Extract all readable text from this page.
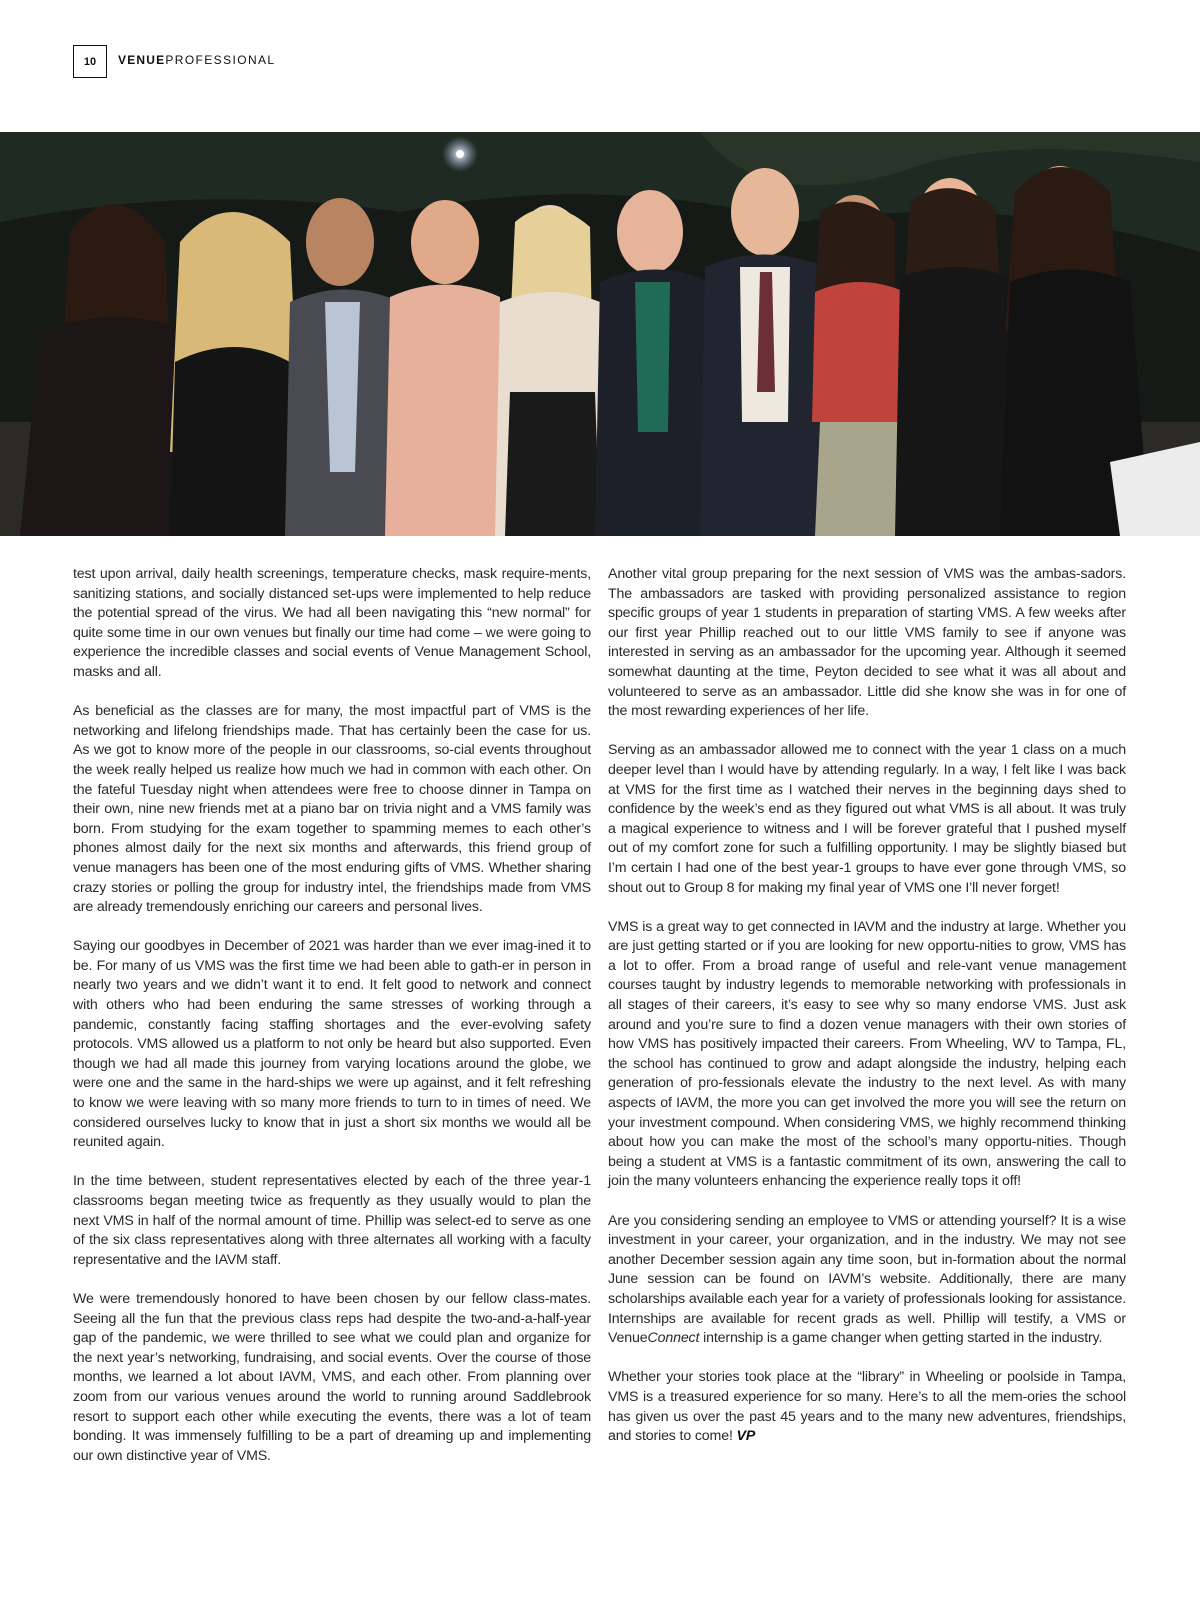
10	VENUEPROFESSIONAL

test upon arrival, daily health screenings, temperature checks, mask require-ments, sanitizing stations, and socially distanced set-ups were implemented to help reduce the potential spread of the virus. We had all been navigating this “new normal” for quite some time in our own venues but finally our time had come – we were going to experience the incredible classes and social events of Venue Management School, masks and all.

As beneficial as the classes are for many, the most impactful part of VMS is the networking and lifelong friendships made. That has certainly been the case for us. As we got to know more of the people in our classrooms, so-cial events throughout the week really helped us realize how much we had in common with each other. On the fateful Tuesday night when attendees were free to choose dinner in Tampa on their own, nine new friends met at a piano bar on trivia night and a VMS family was born. From studying for the exam together to spamming memes to each other’s phones almost daily for the next six months and afterwards, this friend group of venue managers has been one of the most enduring gifts of VMS. Whether sharing crazy stories or polling the group for industry intel, the friendships made from VMS are already tremendously enriching our careers and personal lives.

Saying our goodbyes in December of 2021 was harder than we ever imag-ined it to be. For many of us VMS was the first time we had been able to gath-er in person in nearly two years and we didn’t want it to end. It felt good to network and connect with others who had been enduring the same stresses of working through a pandemic, constantly facing staffing shortages and the ever-evolving safety protocols. VMS allowed us a platform to not only be heard but also supported. Even though we had all made this journey from varying locations around the globe, we were one and the same in the hard-ships we were up against, and it felt refreshing to know we were leaving with so many more friends to turn to in times of need. We considered ourselves lucky to know that in just a short six months we would all be reunited again.

In the time between, student representatives elected by each of the three year-1 classrooms began meeting twice as frequently as they usually would to plan the next VMS in half of the normal amount of time. Phillip was select-ed to serve as one of the six class representatives along with three alternates all working with a faculty representative and the IAVM staff.

We were tremendously honored to have been chosen by our fellow class-mates. Seeing all the fun that the previous class reps had despite the two-and-a-half-year gap of the pandemic, we were thrilled to see what we could plan and organize for the next year’s networking, fundraising, and social events. Over the course of those months, we learned a lot about IAVM, VMS, and each other. From planning over zoom from our various venues around the world to running around Saddlebrook resort to support each other while executing the events, there was a lot of team bonding. It was immensely fulfilling to be a part of dreaming up and implementing our own distinctive year of VMS.

Another vital group preparing for the next session of VMS was the ambas-sadors. The ambassadors are tasked with providing personalized assistance to region specific groups of year 1 students in preparation of starting VMS. A few weeks after our first year Phillip reached out to our little VMS family to see if anyone was interested in serving as an ambassador for the upcoming year. Although it seemed somewhat daunting at the time, Peyton decided to see what it was all about and volunteered to serve as an ambassador. Little did she know she was in for one of the most rewarding experiences of her life.

Serving as an ambassador allowed me to connect with the year 1 class on a much deeper level than I would have by attending regularly. In a way, I felt like I was back at VMS for the first time as I watched their nerves in the beginning days shed to confidence by the week’s end as they figured out what VMS is all about. It was truly a magical experience to witness and I will be forever grateful that I pushed myself out of my comfort zone for such a fulfilling opportunity. I may be slightly biased but I’m certain I had one of the best year-1 groups to have ever gone through VMS, so shout out to Group 8 for making my final year of VMS one I’ll never forget!

VMS is a great way to get connected in IAVM and the industry at large. Whether you are just getting started or if you are looking for new opportu-nities to grow, VMS has a lot to offer. From a broad range of useful and rele-vant venue management courses taught by industry legends to memorable networking with professionals in all stages of their careers, it’s easy to see why so many endorse VMS. Just ask around and you’re sure to find a dozen venue managers with their own stories of how VMS has positively impacted their careers. From Wheeling, WV to Tampa, FL, the school has continued to grow and adapt alongside the industry, helping each generation of pro-fessionals elevate the industry to the next level. As with many aspects of IAVM, the more you can get involved the more you will see the return on your investment compound. When considering VMS, we highly recommend thinking about how you can make the most of the school’s many opportu-nities. Though being a student at VMS is a fantastic commitment of its own, answering the call to join the many volunteers enhancing the experience really tops it off!

Are you considering sending an employee to VMS or attending yourself? It is a wise investment in your career, your organization, and in the industry. We may not see another December session again any time soon, but in-formation about the normal June session can be found on IAVM’s website. Additionally, there are many scholarships available each year for a variety of professionals looking for assistance. Internships are available for recent grads as well. Phillip will testify, a VMS or VenueConnect internship is a game changer when getting started in the industry.

Whether your stories took place at the “library” in Wheeling or poolside in Tampa, VMS is a treasured experience for so many. Here’s to all the mem-ories the school has given us over the past 45 years and to the many new adventures, friendships, and stories to come! VP
